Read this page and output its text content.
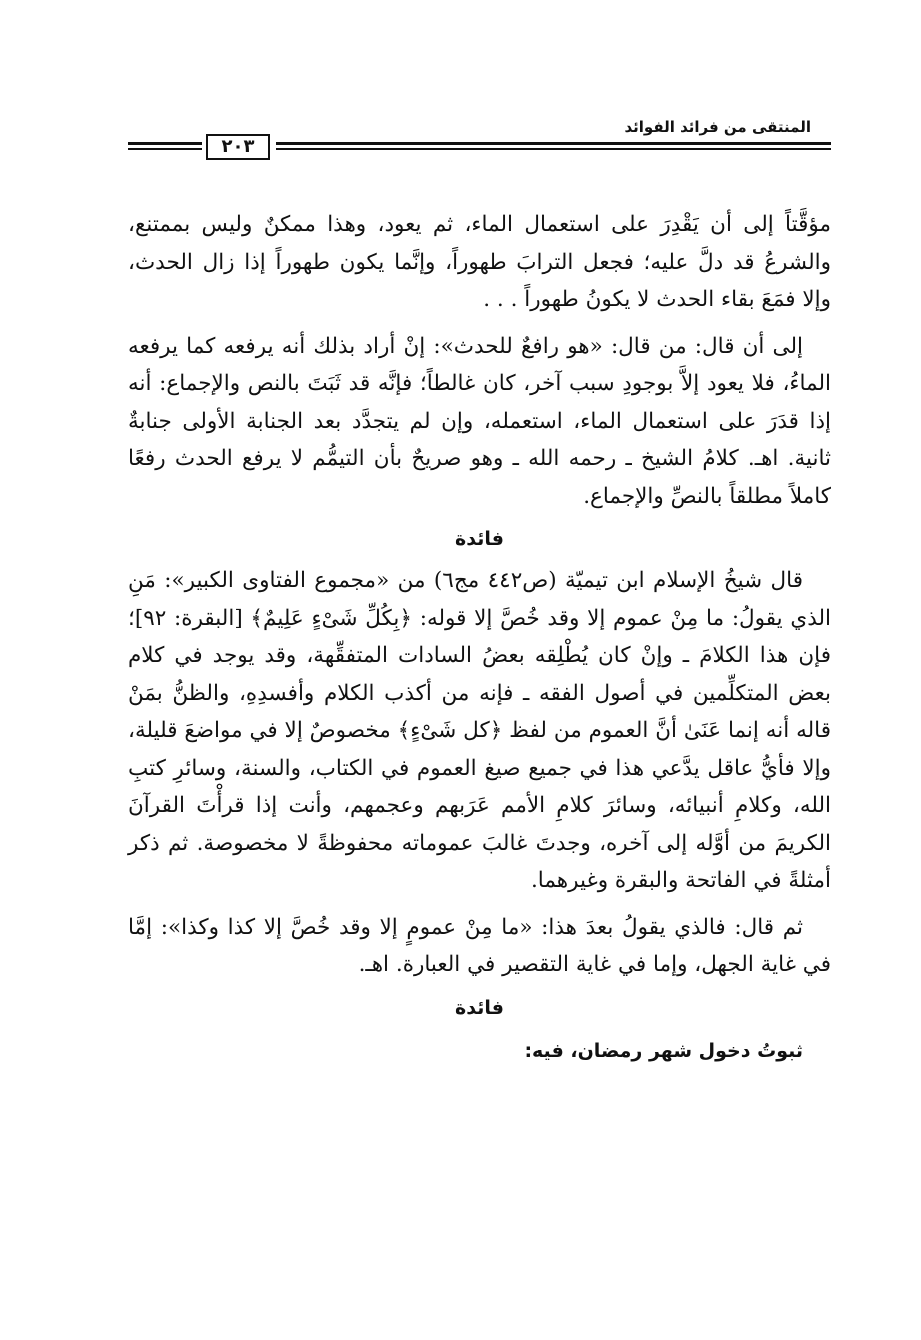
المنتقى من فرائد الفوائد
٢٠٣

مؤقَّتاً إلى أن يَقْدِرَ على استعمال الماء، ثم يعود، وهذا ممكنٌ وليس بممتنع، والشرعُ قد دلَّ عليه؛ فجعل الترابَ طهوراً، وإنَّما يكون طهوراً إذا زال الحدث، وإلا فمَعَ بقاء الحدث لا يكونُ طهوراً . . .

إلى أن قال: من قال: «هو رافعٌ للحدث»: إنْ أراد بذلك أنه يرفعه كما يرفعه الماءُ، فلا يعود إلاَّ بوجودِ سبب آخر، كان غالطاً؛ فإنَّه قد ثَبَتَ بالنص والإجماع: أنه إذا قدَرَ على استعمال الماء، استعمله، وإن لم يتجدَّد بعد الجنابة الأولى جنابةٌ ثانية. اهـ. كلامُ الشيخ ـ رحمه الله ـ وهو صريحٌ بأن التيمُّم لا يرفع الحدث رفعًا كاملاً مطلقاً بالنصِّ والإجماع.

فائدة

قال شيخُ الإسلام ابن تيميّة (ص٤٤٢ مج٦) من «مجموع الفتاوى الكبير»: مَنِ الذي يقولُ: ما مِنْ عموم إلا وقد خُصَّ إلا قوله: ﴿بِكُلِّ شَىْءٍ عَلِيمٌ﴾ [البقرة: ٩٢]؛ فإن هذا الكلامَ ـ وإنْ كان يُطْلِقه بعضُ السادات المتفقِّهة، وقد يوجد في كلام بعض المتكلِّمين في أصول الفقه ـ فإنه من أكذب الكلام وأفسدِهِ، والظنُّ بمَنْ قاله أنه إنما عَنَىٰ أنَّ العموم من لفظ ﴿كل شَىْءٍ﴾ مخصوصٌ إلا في مواضعَ قليلة، وإلا فأيُّ عاقل يدَّعي هذا في جميع صيغ العموم في الكتاب، والسنة، وسائرِ كتبِ الله، وكلامِ أنبيائه، وسائرَ كلامِ الأمم عَرَبهم وعجمهم، وأنت إذا قرأْتَ القرآنَ الكريمَ من أوَّله إلى آخره، وجدتَ غالبَ عموماته محفوظةً لا مخصوصة. ثم ذكر أمثلةً في الفاتحة والبقرة وغيرهما.

ثم قال: فالذي يقولُ بعدَ هذا: «ما مِنْ عمومٍ إلا وقد خُصَّ إلا كذا وكذا»: إمَّا في غاية الجهل، وإما في غاية التقصير في العبارة. اهـ.

فائدة

ثبوتُ دخول شهر رمضان، فيه:
